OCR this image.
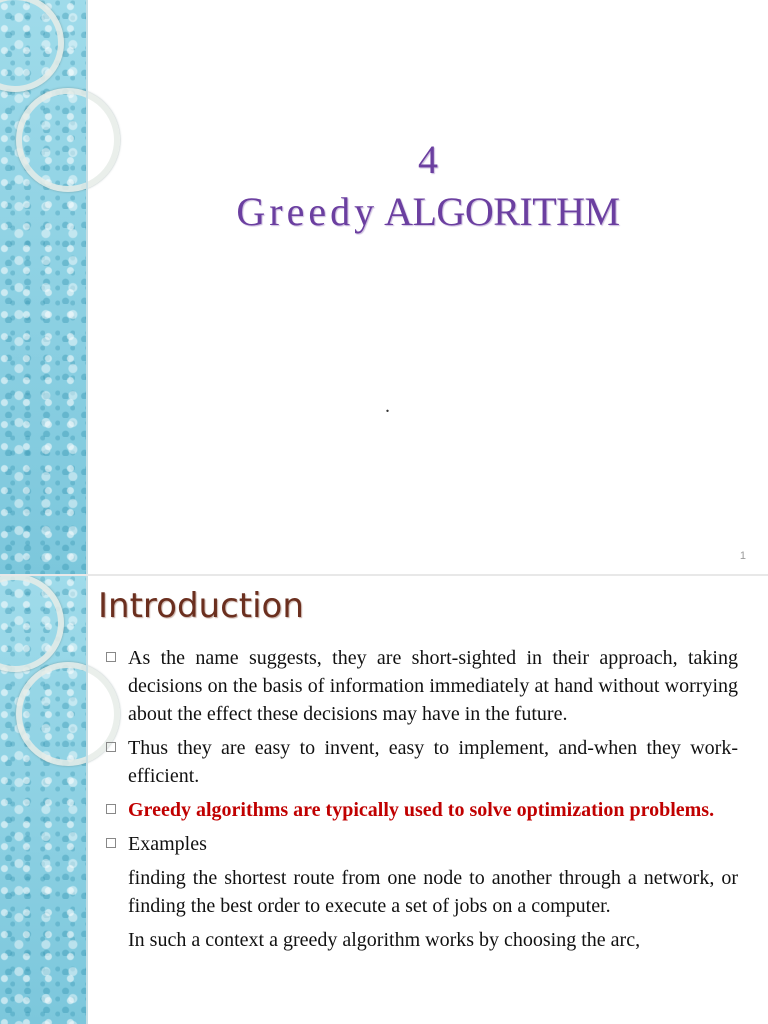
4
Greedy ALGORITHM
.
1
Introduction
As the name suggests, they are short-sighted in their approach, taking decisions on the basis of information immediately at hand without worrying about the effect these decisions may have in the future.
Thus they are easy to invent, easy to implement, and-when they work-efficient.
Greedy algorithms are typically used to solve optimization problems.
Examples
finding the shortest route from one node to another through a network, or finding the best order to execute a set of jobs on a computer.
In such a context a greedy algorithm works by choosing the arc,
